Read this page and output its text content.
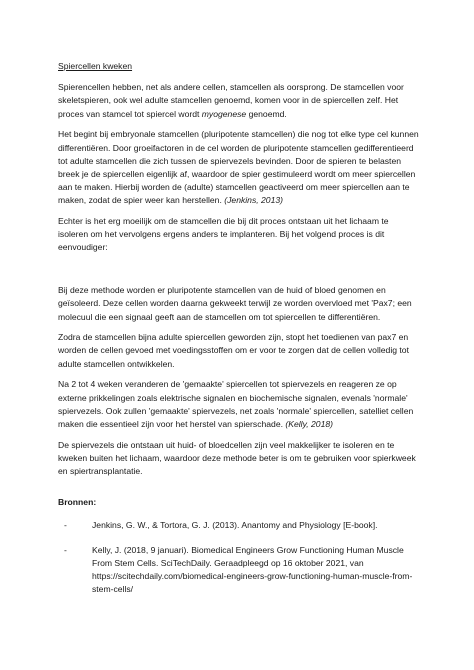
Spiercellen kweken

Spierencellen hebben, net als andere cellen, stamcellen als oorsprong. De stamcellen voor skeletspieren, ook wel adulte stamcellen genoemd, komen voor in de spiercellen zelf. Het proces van stamcel tot spiercel wordt myogenese genoemd.

Het begint bij embryonale stamcellen (pluripotente stamcellen) die nog tot elke type cel kunnen differentiëren. Door groeifactoren in de cel worden de pluripotente stamcellen gedifferentieerd tot adulte stamcellen die zich tussen de spiervezels bevinden. Door de spieren te belasten breek je de spiercellen eigenlijk af, waardoor de spier gestimuleerd wordt om meer spiercellen aan te maken. Hierbij worden de (adulte) stamcellen geactiveerd om meer spiercellen aan te maken, zodat de spier weer kan herstellen. (Jenkins, 2013)

Echter is het erg moeilijk om de stamcellen die bij dit proces ontstaan uit het lichaam te isoleren om het vervolgens ergens anders te implanteren. Bij het volgend proces is dit eenvoudiger:

Bij deze methode worden er pluripotente stamcellen van de huid of bloed genomen en geïsoleerd. Deze cellen worden daarna gekweekt terwijl ze worden overvloed met 'Pax7; een molecuul die een signaal geeft aan de stamcellen om tot spiercellen te differentiëren.

Zodra de stamcellen bijna adulte spiercellen geworden zijn, stopt het toedienen van pax7 en worden de cellen gevoed met voedingsstoffen om er voor te zorgen dat de cellen volledig tot adulte stamcellen ontwikkelen.

Na 2 tot 4 weken veranderen de 'gemaakte' spiercellen tot spiervezels en reageren ze op externe prikkelingen zoals elektrische signalen en biochemische signalen, evenals 'normale' spiervezels. Ook zullen 'gemaakte' spiervezels, net zoals 'normale' spiercellen, satelliet cellen maken die essentieel zijn voor het herstel van spierschade. (Kelly, 2018)

De spiervezels die ontstaan uit huid- of bloedcellen zijn veel makkelijker te isoleren en te kweken buiten het lichaam, waardoor deze methode beter is om te gebruiken voor spierkweek en spiertransplantatie.

Bronnen:
-	Jenkins, G. W., & Tortora, G. J. (2013). Anantomy and Physiology [E-book].
-	Kelly, J. (2018, 9 januari). Biomedical Engineers Grow Functioning Human Muscle From Stem Cells. SciTechDaily. Geraadpleegd op 16 oktober 2021, van https://scitechdaily.com/biomedical-engineers-grow-functioning-human-muscle-from-stem-cells/
